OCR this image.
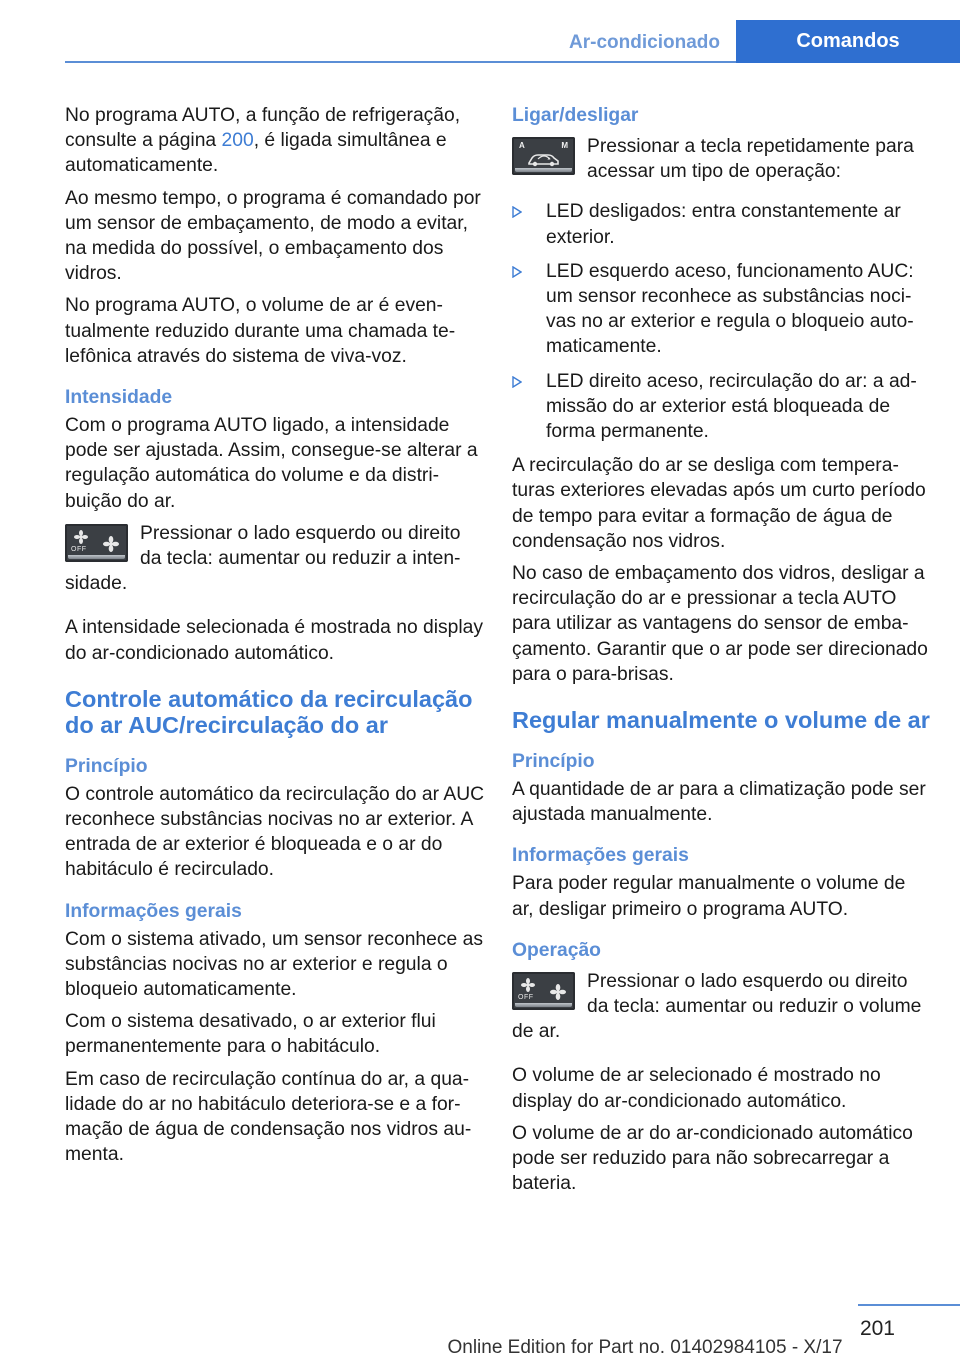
Ar-condicionado	Comandos

No programa AUTO, a função de refrigeração, consulte a página 200, é ligada simultânea e automaticamente.

Ao mesmo tempo, o programa é comandado por um sensor de embaçamento, de modo a evitar, na medida do possível, o embaçamento dos vidros.

No programa AUTO, o volume de ar é eventualmente reduzido durante uma chamada telefônica através do sistema de viva-voz.

Intensidade

Com o programa AUTO ligado, a intensidade pode ser ajustada. Assim, consegue-se alterar a regulação automática do volume e da distribuição do ar.

OFF

Pressionar o lado esquerdo ou direito da tecla: aumentar ou reduzir a intensidade.

A intensidade selecionada é mostrada no display do ar-condicionado automático.

Controle automático da recirculação do ar AUC/recirculação do ar
Princípio

O controle automático da recirculação do ar AUC reconhece substâncias nocivas no ar exterior. A entrada de ar exterior é bloqueada e o ar do habitáculo é recirculado.

Informações gerais

Com o sistema ativado, um sensor reconhece as substâncias nocivas no ar exterior e regula o bloqueio automaticamente.

Com o sistema desativado, o ar exterior flui permanentemente para o habitáculo.

Em caso de recirculação contínua do ar, a qualidade do ar no habitáculo deteriora-se e a formação de água de condensação nos vidros aumenta.

Ligar/desligar
A	M Pressionar a tecla repetidamente para acessar um tipo de operação:

LED desligados: entra constantemente ar exterior.
LED esquerdo aceso, funcionamento AUC: um sensor reconhece as substâncias nocivas no ar exterior e regula o bloqueio automaticamente.
LED direito aceso, recirculação do ar: a admissão do ar exterior está bloqueada de forma permanente.

A recirculação do ar se desliga com temperaturas exteriores elevadas após um curto período de tempo para evitar a formação de água de condensação nos vidros.

No caso de embaçamento dos vidros, desligar a recirculação do ar e pressionar a tecla AUTO para utilizar as vantagens do sensor de embaçamento. Garantir que o ar pode ser direcionado para o para-brisas.

Regular manualmente o volume de ar
Princípio

A quantidade de ar para a climatização pode ser ajustada manualmente.

Informações gerais

Para poder regular manualmente o volume de ar, desligar primeiro o programa AUTO.

Operação
OFF

Pressionar o lado esquerdo ou direito da tecla: aumentar ou reduzir o volume de ar.

O volume de ar selecionado é mostrado no display do ar-condicionado automático.

O volume de ar do ar-condicionado automático pode ser reduzido para não sobrecarregar a bateria.

201
Online Edition for Part no. 01402984105 - X/17
